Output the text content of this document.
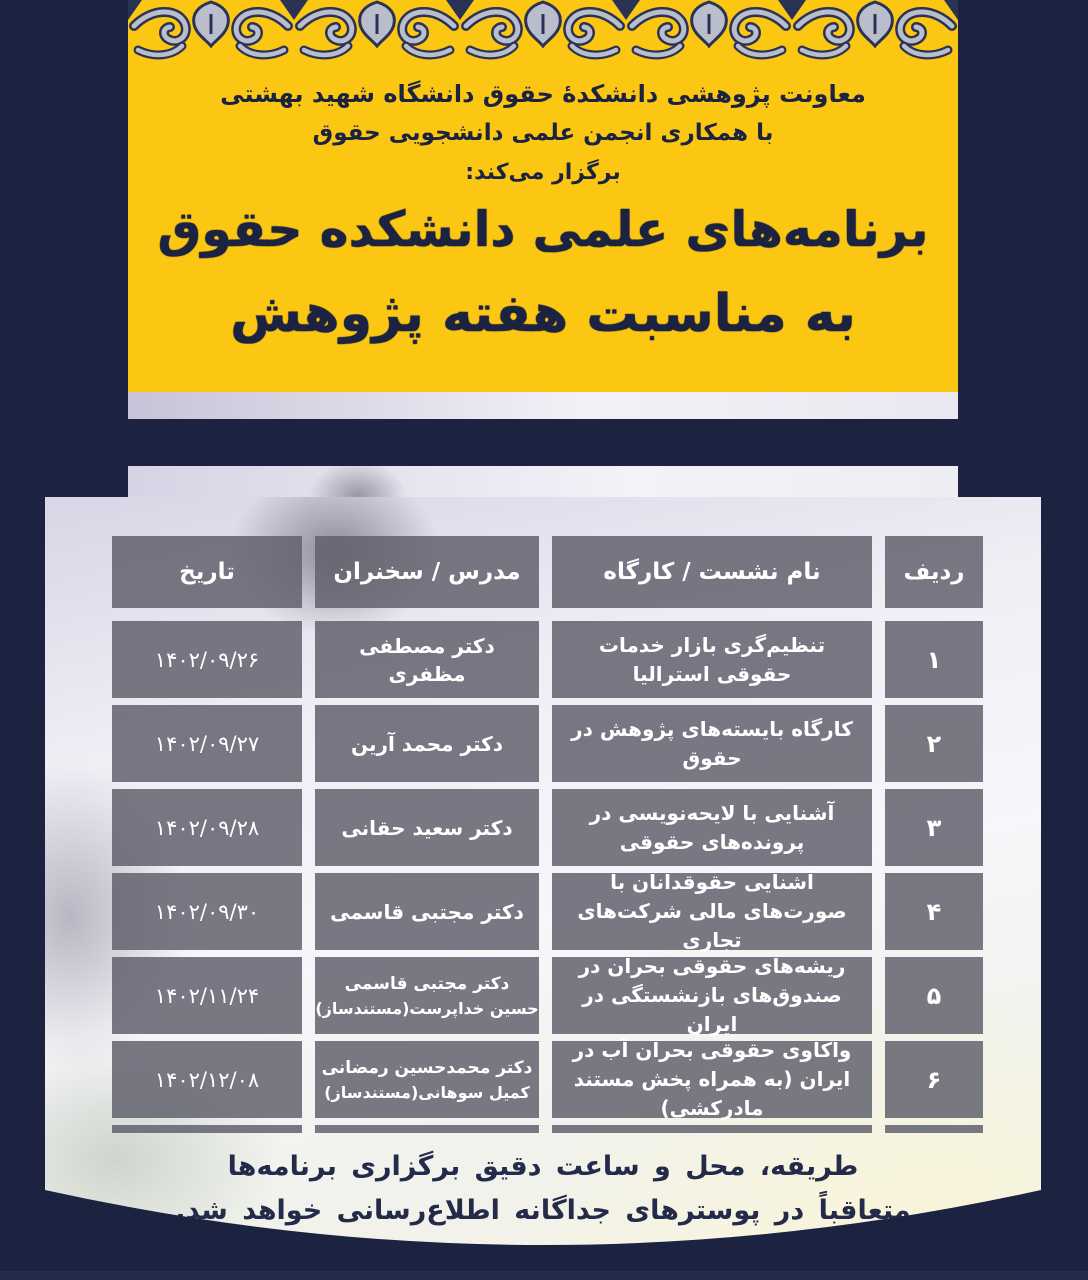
معاونت پژوهشی دانشکدهٔ حقوق دانشگاه شهید بهشتی
با همکاری انجمن علمی دانشجویی حقوق
برگزار می‌کند:
برنامه‌های علمی دانشکده حقوق
به مناسبت هفته پژوهش
ردیف
نام نشست / کارگاه
مدرس / سخنران
تاریخ
۱
تنظیم‌گری بازار خدمات حقوقی استرالیا
دکتر مصطفی مظفری
۱۴۰۲/۰۹/۲۶
۲
کارگاه بایسته‌های پژوهش در حقوق
دکتر محمد آرین
۱۴۰۲/۰۹/۲۷
۳
آشنایی با لایحه‌نویسی در پرونده‌های حقوقی
دکتر سعید حقانی
۱۴۰۲/۰۹/۲۸
۴
آشنایی حقوقدانان با صورت‌های مالی شرکت‌های تجاری
دکتر مجتبی قاسمی
۱۴۰۲/۰۹/۳۰
۵
ریشه‌های حقوقی بحران در صندوق‌های بازنشستگی در ایران
دکتر مجتبی قاسمی
حسین خداپرست(مستندساز)
۱۴۰۲/۱۱/۲۴
۶
واکاوی حقوقی بحران آب در ایران (به همراه پخش مستند مادرکشی)
دکتر محمدحسین رمضانی
کمیل سوهانی(مستندساز)
۱۴۰۲/۱۲/۰۸
طریقه، محل و ساعت دقیق برگزاری برنامه‌ها
متعاقباً در پوسترهای جداگانه اطلاع‌رسانی خواهد شد.
